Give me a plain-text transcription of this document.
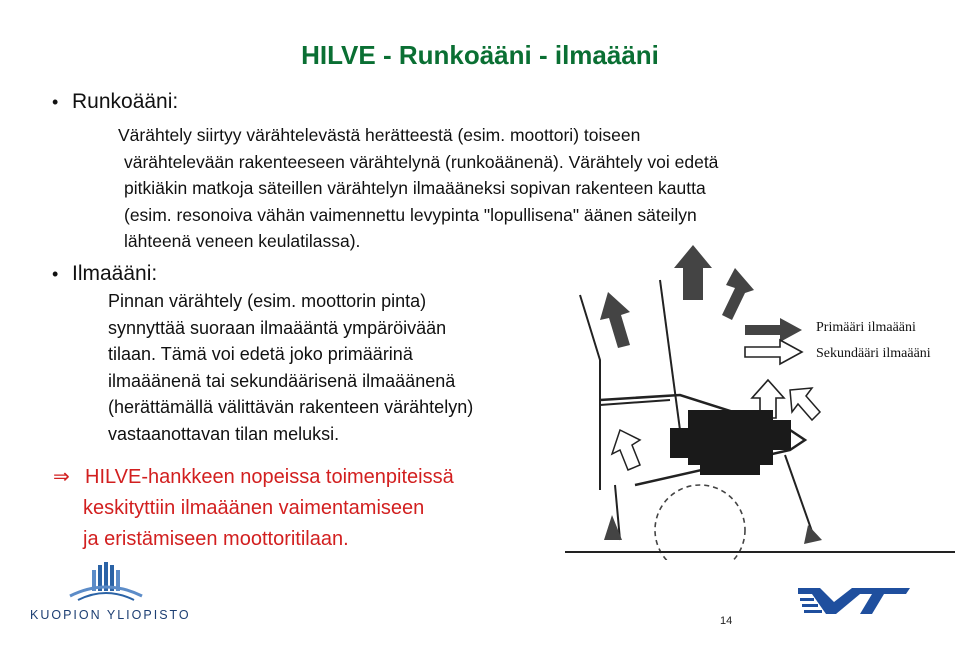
HILVE - Runkoääni - ilmaääni
• Runkoääni:

Värähtely siirtyy värähtelevästä herätteestä (esim. moottori) toiseen
värähtelevään rakenteeseen värähtelynä (runkoäänenä). Värähtely voi edetä
pitkiäkin matkoja säteillen värähtelyn ilmaääneksi sopivan rakenteen kautta
(esim. resonoiva vähän vaimennettu levypinta "lopullisena" äänen säteilyn
lähteenä veneen keulatilassa).

• Ilmaääni:

Pinnan värähtely (esim. moottorin pinta)
synnyttää suoraan ilmaääntä ympäröivään
tilaan. Tämä voi edetä joko primäärinä
ilmaäänenä tai sekundäärisenä ilmaäänenä
(herättämällä välittävän rakenteen värähtelyn)
vastaanottavan tilan meluksi.

⇒ HILVE-hankkeen nopeissa toimenpiteissä
keskityttiin ilmaäänen vaimentamiseen
ja eristämiseen moottoritilaan.
Primääri ilmaääni
Sekundääri ilmaääni
KUOPION YLIOPISTO	14
VTT
